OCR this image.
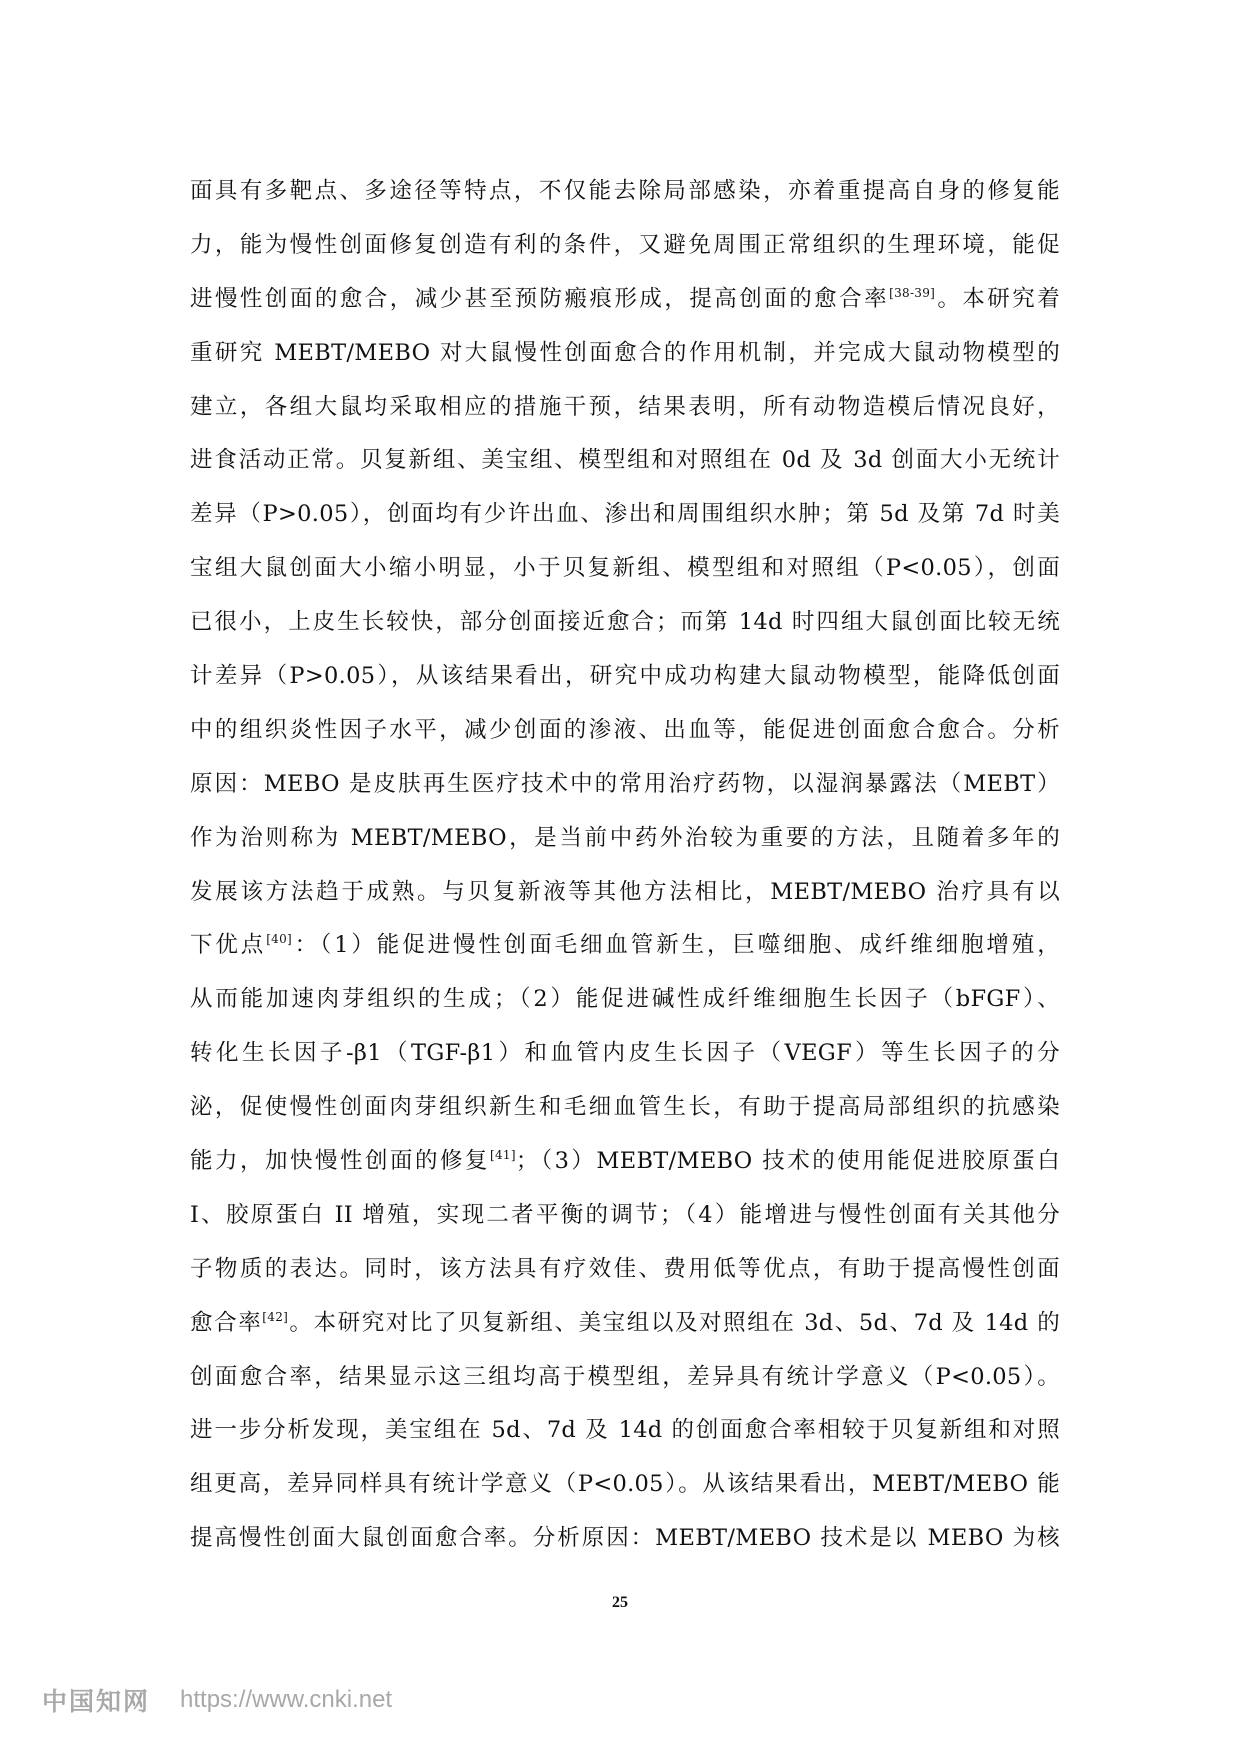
面具有多靶点、多途径等特点，不仅能去除局部感染，亦着重提高自身的修复能
力，能为慢性创面修复创造有利的条件，又避免周围正常组织的生理环境，能促
进慢性创面的愈合，减少甚至预防瘢痕形成，提高创面的愈合率[38-39]。本研究着
重研究 MEBT/MEBO 对大鼠慢性创面愈合的作用机制，并完成大鼠动物模型的
建立，各组大鼠均采取相应的措施干预，结果表明，所有动物造模后情况良好，
进食活动正常。贝复新组、美宝组、模型组和对照组在 0d 及 3d 创面大小无统计
差异（P>0.05），创面均有少许出血、渗出和周围组织水肿；第 5d 及第 7d 时美
宝组大鼠创面大小缩小明显，小于贝复新组、模型组和对照组（P<0.05），创面
已很小，上皮生长较快，部分创面接近愈合；而第 14d 时四组大鼠创面比较无统
计差异（P>0.05），从该结果看出，研究中成功构建大鼠动物模型，能降低创面
中的组织炎性因子水平，减少创面的渗液、出血等，能促进创面愈合愈合。分析
原因：MEBO 是皮肤再生医疗技术中的常用治疗药物，以湿润暴露法（MEBT）
作为治则称为 MEBT/MEBO，是当前中药外治较为重要的方法，且随着多年的
发展该方法趋于成熟。与贝复新液等其他方法相比，MEBT/MEBO 治疗具有以
下优点[40]：（1）能促进慢性创面毛细血管新生，巨噬细胞、成纤维细胞增殖，
从而能加速肉芽组织的生成；（2）能促进碱性成纤维细胞生长因子（bFGF）、
转化生长因子-β1（TGF-β1）和血管内皮生长因子（VEGF）等生长因子的分
泌，促使慢性创面肉芽组织新生和毛细血管生长，有助于提高局部组织的抗感染
能力，加快慢性创面的修复[41]；（3）MEBT/MEBO 技术的使用能促进胶原蛋白
I、胶原蛋白 II 增殖，实现二者平衡的调节；（4）能增进与慢性创面有关其他分
子物质的表达。同时，该方法具有疗效佳、费用低等优点，有助于提高慢性创面
愈合率[42]。本研究对比了贝复新组、美宝组以及对照组在 3d、5d、7d 及 14d 的
创面愈合率，结果显示这三组均高于模型组，差异具有统计学意义（P<0.05）。
进一步分析发现，美宝组在 5d、7d 及 14d 的创面愈合率相较于贝复新组和对照
组更高，差异同样具有统计学意义（P<0.05）。从该结果看出，MEBT/MEBO 能
提高慢性创面大鼠创面愈合率。分析原因：MEBT/MEBO 技术是以 MEBO 为核
25
中国知网 https://www.cnki.net
